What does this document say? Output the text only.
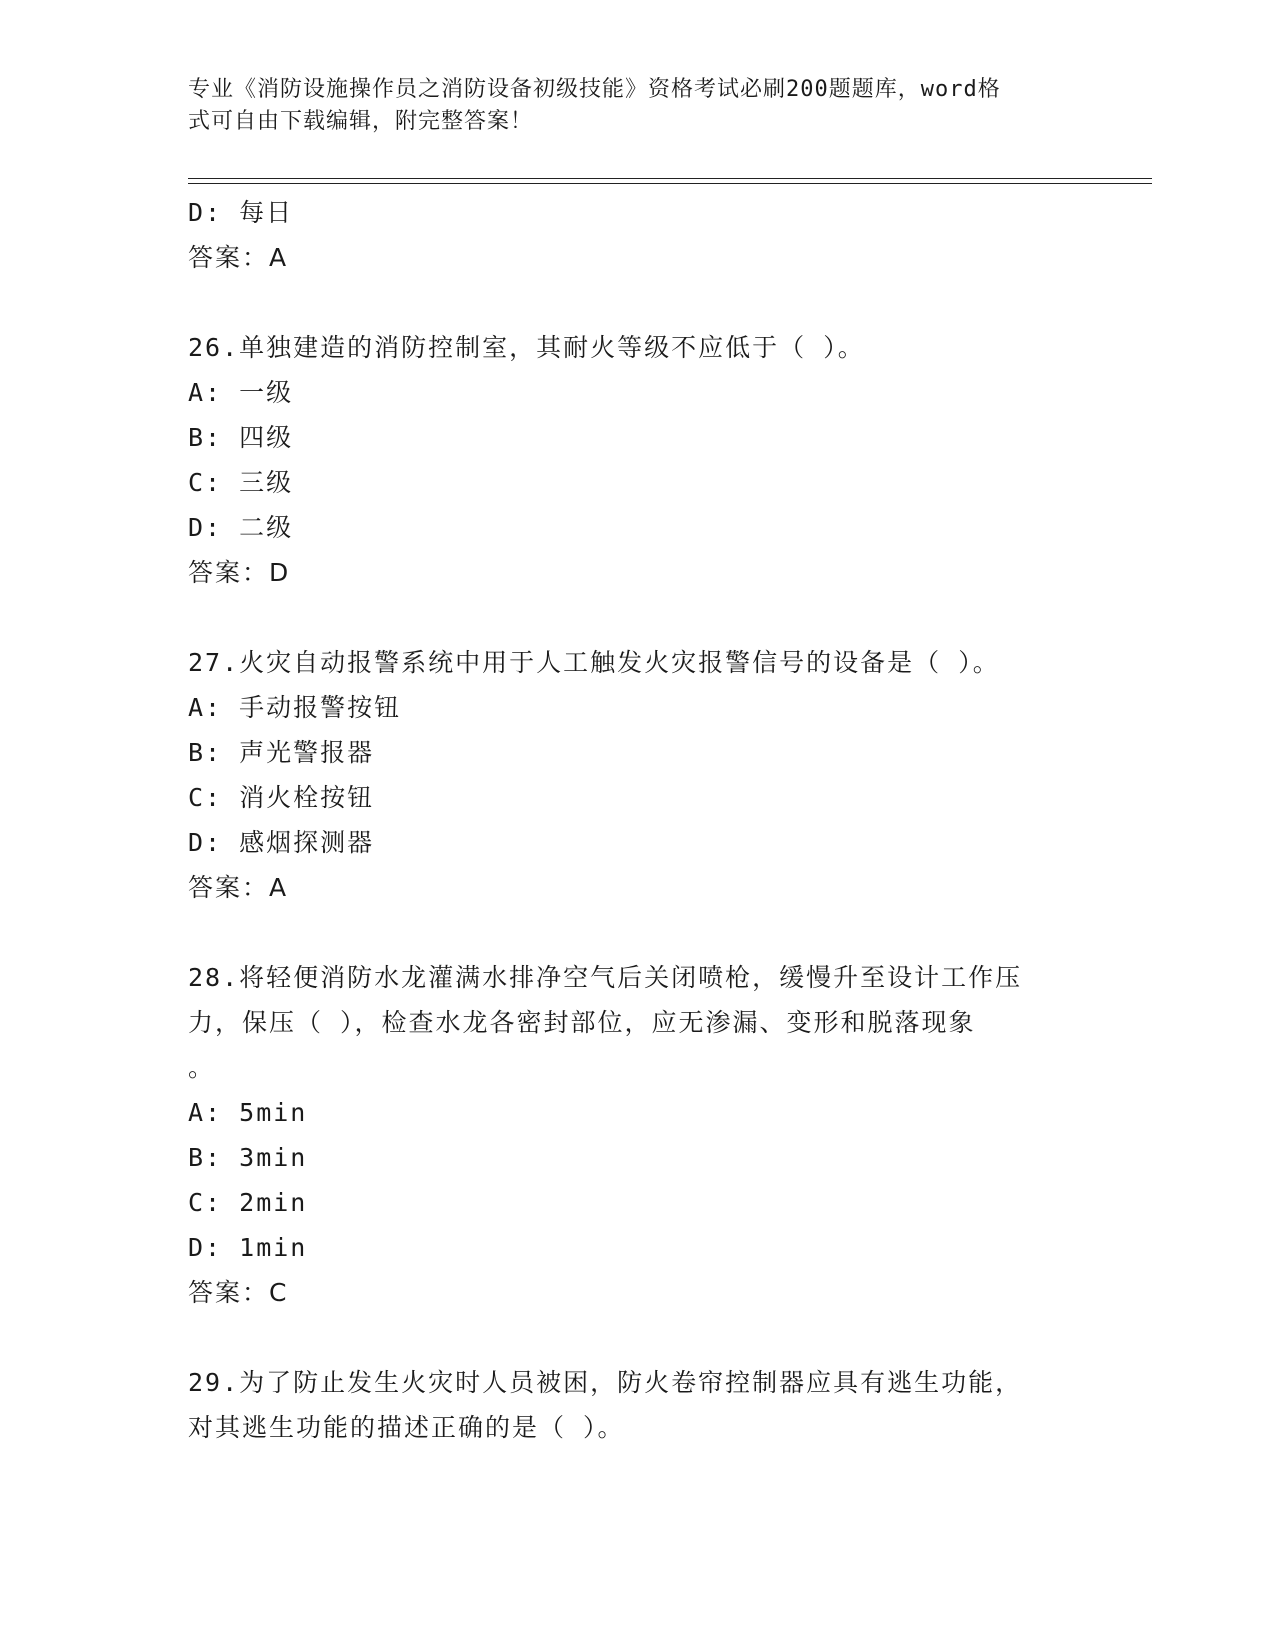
专业《消防设施操作员之消防设备初级技能》资格考试必刷200题题库，word格
式可自由下载编辑，附完整答案！
D: 每日
答案：A
26.单独建造的消防控制室，其耐火等级不应低于（ ）。
A: 一级
B: 四级
C: 三级
D: 二级
答案：D
27.火灾自动报警系统中用于人工触发火灾报警信号的设备是（ ）。
A: 手动报警按钮
B: 声光警报器
C: 消火栓按钮
D: 感烟探测器
答案：A
28.将轻便消防水龙灌满水排净空气后关闭喷枪，缓慢升至设计工作压
力，保压（ ），检查水龙各密封部位，应无渗漏、变形和脱落现象
。
A: 5min
B: 3min
C: 2min
D: 1min
答案：C
29.为了防止发生火灾时人员被困，防火卷帘控制器应具有逃生功能，
对其逃生功能的描述正确的是（ ）。
